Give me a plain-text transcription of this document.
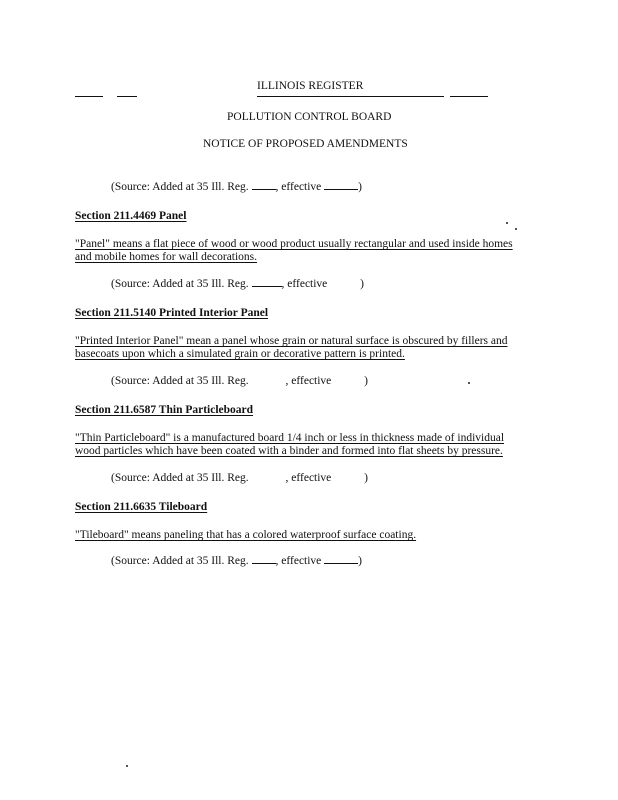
ILLINOIS REGISTER
POLLUTION CONTROL BOARD
NOTICE OF PROPOSED AMENDMENTS
(Source: Added at 35 Ill. Reg. , effective	)
Section 211.4469 Panel
"Panel" means a flat piece of wood or wood product usually rectangular and used inside homes
and mobile homes for wall decorations.
(Source: Added at 35 Ill. Reg.	, effective	)
Section 211.5140 Printed Interior Panel
"Printed Interior Panel" mean a panel whose grain or natural surface is obscured by fillers and
basecoats upon which a simulated grain or decorative pattern is printed.
(Source: Added at 35 Ill. Reg.	, effective	)
Section 211.6587 Thin Particleboard
"Thin Particleboard" is a manufactured board 1/4 inch or less in thickness made of individual
wood particles which have been coated with a binder and formed into flat sheets by pressure.
(Source: Added at 35 Ill. Reg.	, effective	)
Section 211.6635 Tileboard
"Tileboard" means paneling that has a colored waterproof surface coating.
(Source: Added at 35 Ill. Reg. , effective	)
